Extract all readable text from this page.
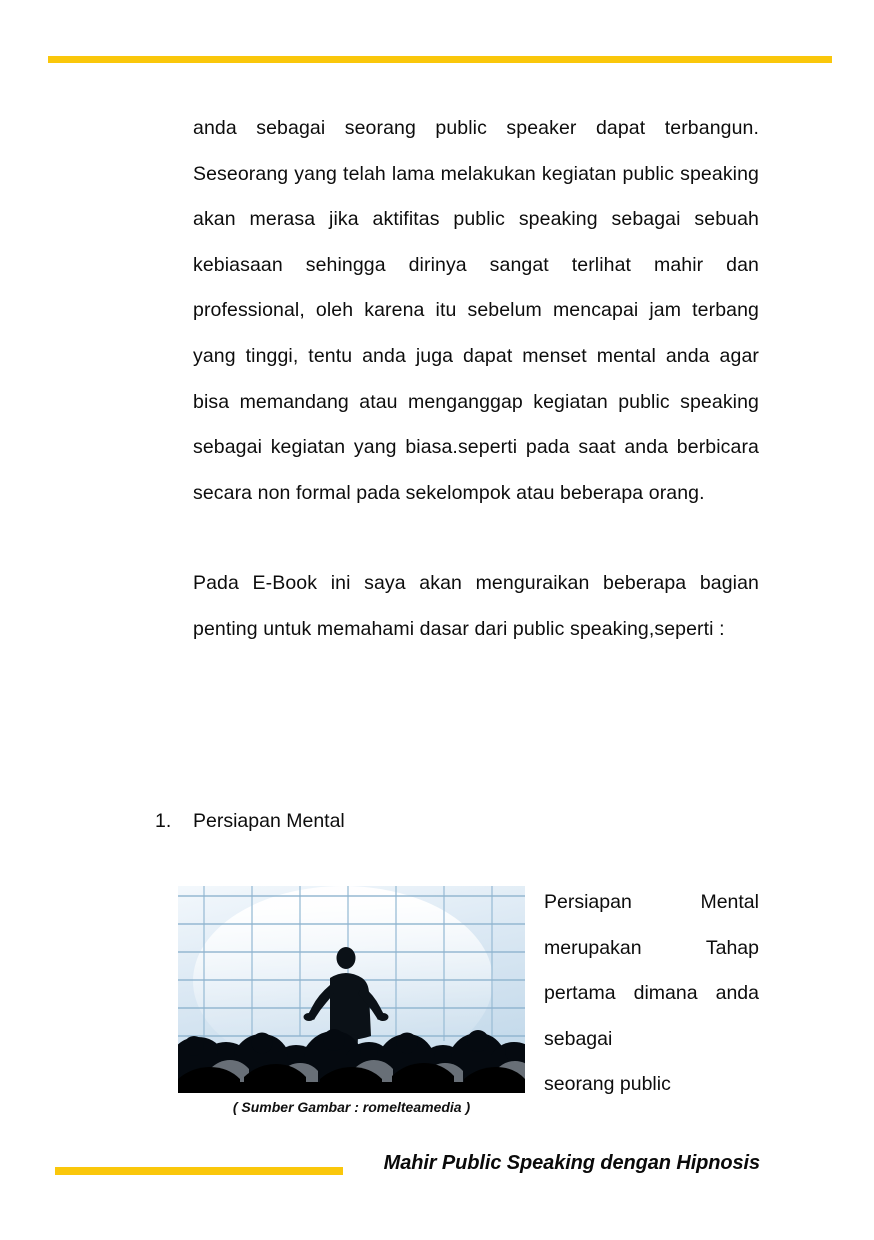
anda sebagai seorang public speaker dapat terbangun. Seseorang yang telah lama melakukan kegiatan public speaking akan merasa jika aktifitas public speaking sebagai sebuah kebiasaan sehingga dirinya sangat terlihat mahir dan professional, oleh karena itu sebelum mencapai jam terbang yang tinggi, tentu anda juga dapat menset mental anda agar bisa memandang atau menganggap kegiatan public speaking sebagai kegiatan yang biasa.seperti pada saat anda berbicara secara non formal pada sekelompok atau beberapa orang.

Pada E-Book ini saya akan menguraikan beberapa bagian penting untuk memahami dasar dari public speaking,seperti :

1.	Persiapan Mental
( Sumber Gambar : romelteamedia )

Persiapan Mental merupakan Tahap pertama dimana anda sebagai

seorang public

Mahir Public Speaking dengan Hipnosis
